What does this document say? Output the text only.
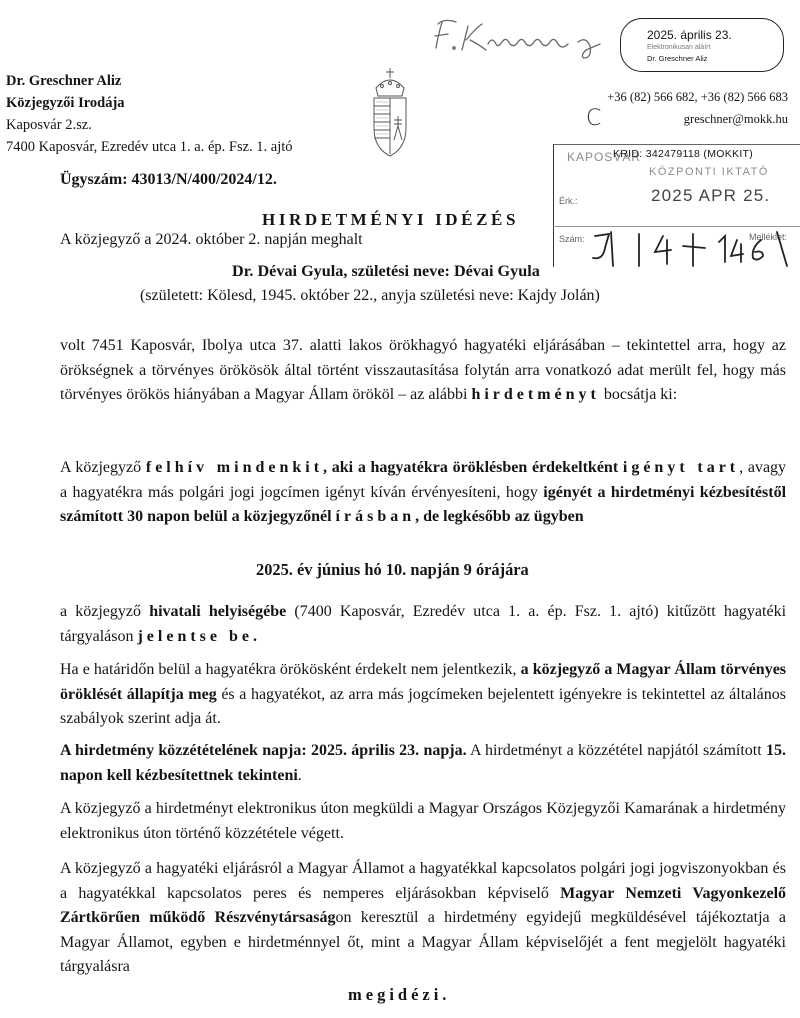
Dr. Greschner Aliz
Közjegyzői Irodája
Kaposvár 2.sz.
7400 Kaposvár, Ezredév utca 1. a. ép. Fsz. 1. ajtó
2025. április 23.
Elektronikusan aláírt
Dr. Greschner Aliz
+36 (82) 566 682, +36 (82) 566 683
greschner@mokk.hu
C
KAPOSVÁR
KRID: 342479118 (MOKKIT)
KÖZPONTI IKTATÓ
Érk.:	2025 APR 25.
Szám:	Melléklet:
Ügyszám: 43013/N/400/2024/12.
HIRDETMÉNYI IDÉZÉS

A közjegyző a 2024. október 2. napján meghalt

Dr. Dévai Gyula, születési neve: Dévai Gyula
(született: Kölesd, 1945. október 22., anyja születési neve: Kajdy Jolán)

volt 7451 Kaposvár, Ibolya utca 37. alatti lakos örökhagyó hagyatéki eljárásában – tekintettel arra, hogy az örökségnek a törvényes örökösök által történt visszautasítása folytán arra vonatkozó adat merült fel, hogy más törvényes örökös hiányában a Magyar Állam örököl – az alábbi hirdetményt bocsátja ki:

A közjegyző felhív mindenkit, aki a hagyatékra öröklésben érdekeltként igényt tart, avagy a hagyatékra más polgári jogi jogcímen igényt kíván érvényesíteni, hogy igényét a hirdetményi kézbesítéstől számított 30 napon belül a közjegyzőnél írásban, de legkésőbb az ügyben

2025. év június hó 10. napján 9 órájára

a közjegyző hivatali helyiségébe (7400 Kaposvár, Ezredév utca 1. a. ép. Fsz. 1. ajtó) kitűzött hagyatéki tárgyaláson jelentse be.

Ha e határidőn belül a hagyatékra örökösként érdekelt nem jelentkezik, a közjegyző a Magyar Állam törvényes öröklését állapítja meg és a hagyatékot, az arra más jogcímeken bejelentett igényekre is tekintettel az általános szabályok szerint adja át.

A hirdetmény közzétételének napja: 2025. április 23. napja. A hirdetményt a közzététel napjától számított 15. napon kell kézbesítettnek tekinteni.

A közjegyző a hirdetményt elektronikus úton megküldi a Magyar Országos Közjegyzői Kamarának a hirdetmény elektronikus úton történő közzététele végett.

A közjegyző a hagyatéki eljárásról a Magyar Államot a hagyatékkal kapcsolatos polgári jogi jogviszonyokban és a hagyatékkal kapcsolatos peres és nemperes eljárásokban képviselő Magyar Nemzeti Vagyonkezelő Zártkörűen működő Részvénytársaságon keresztül a hirdetmény egyidejű megküldésével tájékoztatja a Magyar Államot, egyben e hirdetménnyel őt, mint a Magyar Állam képviselőjét a fent megjelölt hagyatéki tárgyalásra

megidézi.
